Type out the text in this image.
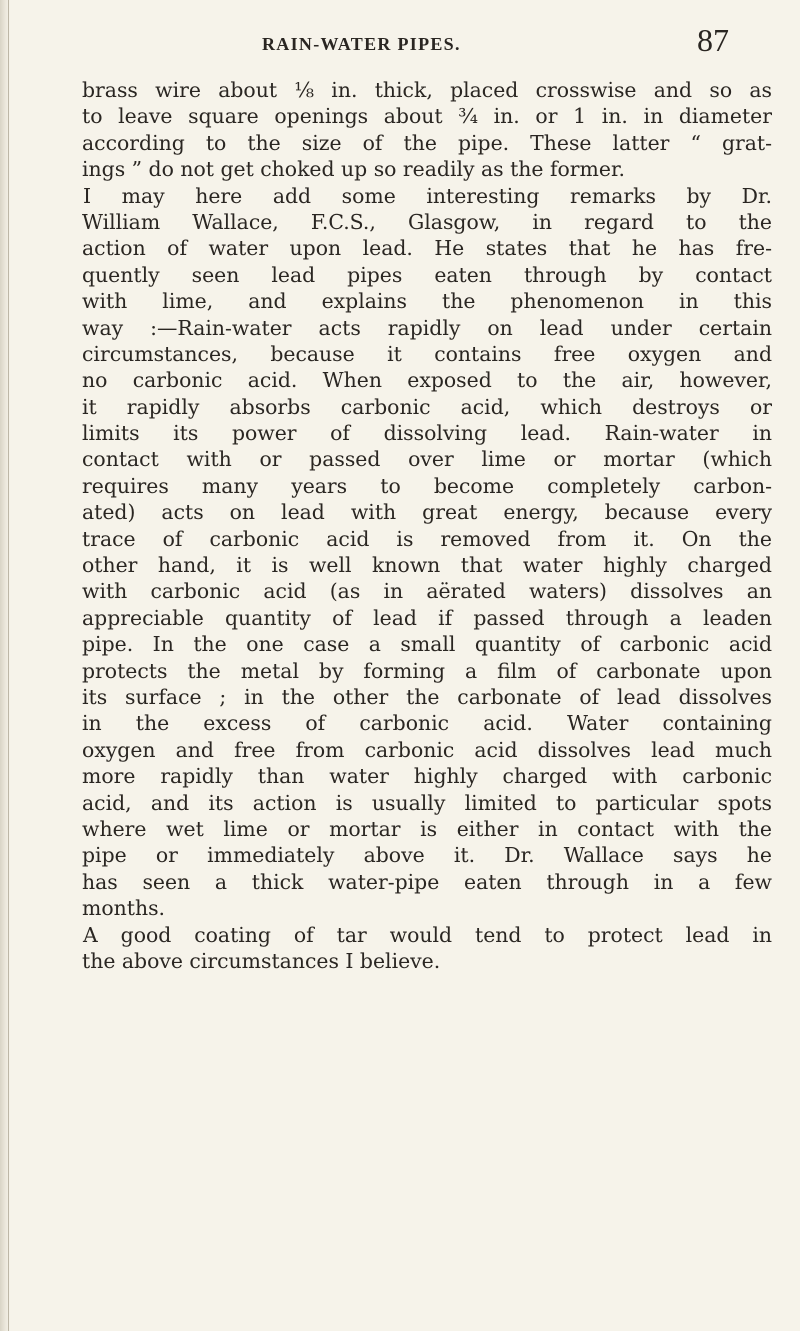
RAIN-WATER PIPES.	87
brass wire about ⅛ in. thick, placed crosswise and so as
to leave square openings about ¾ in. or 1 in. in diameter
according to the size of the pipe. These latter “ grat-
ings ” do not get choked up so readily as the former.
I may here add some interesting remarks by Dr.
William Wallace, F.C.S., Glasgow, in regard to the
action of water upon lead. He states that he has fre-
quently seen lead pipes eaten through by contact
with lime, and explains the phenomenon in this
way :—Rain-water acts rapidly on lead under certain
circumstances, because it contains free oxygen and
no carbonic acid. When exposed to the air, however,
it rapidly absorbs carbonic acid, which destroys or
limits its power of dissolving lead. Rain-water in
contact with or passed over lime or mortar (which
requires many years to become completely carbon-
ated) acts on lead with great energy, because every
trace of carbonic acid is removed from it. On the
other hand, it is well known that water highly charged
with carbonic acid (as in aërated waters) dissolves an
appreciable quantity of lead if passed through a leaden
pipe. In the one case a small quantity of carbonic acid
protects the metal by forming a film of carbonate upon
its surface ; in the other the carbonate of lead dissolves
in the excess of carbonic acid. Water containing
oxygen and free from carbonic acid dissolves lead much
more rapidly than water highly charged with carbonic
acid, and its action is usually limited to particular spots
where wet lime or mortar is either in contact with the
pipe or immediately above it. Dr. Wallace says he
has seen a thick water-pipe eaten through in a few
months.
A good coating of tar would tend to protect lead in
the above circumstances I believe.
